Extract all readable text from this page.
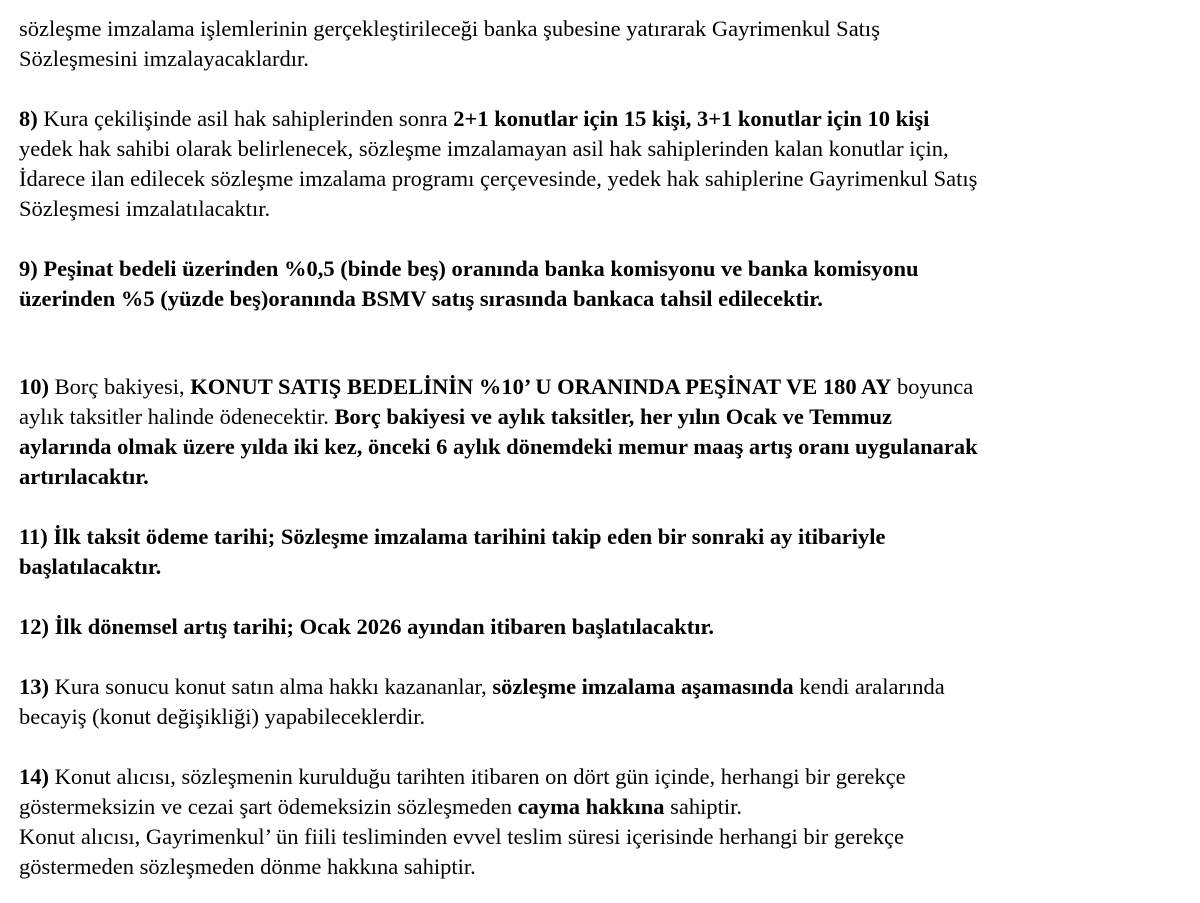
sözleşme imzalama işlemlerinin gerçekleştirileceği banka şubesine yatırarak Gayrimenkul Satış
Sözleşmesini imzalayacaklardır.
8) Kura çekilişinde asil hak sahiplerinden sonra 2+1 konutlar için 15 kişi, 3+1 konutlar için 10 kişi
yedek hak sahibi olarak belirlenecek, sözleşme imzalamayan asil hak sahiplerinden kalan konutlar için,
İdarece ilan edilecek sözleşme imzalama programı çerçevesinde, yedek hak sahiplerine Gayrimenkul Satış
Sözleşmesi imzalatılacaktır.
9) Peşinat bedeli üzerinden %0,5 (binde beş) oranında banka komisyonu ve banka komisyonu
üzerinden %5 (yüzde beş)oranında BSMV satış sırasında bankaca tahsil edilecektir.
10) Borç bakiyesi, KONUT SATIŞ BEDELİNİN %10’ U ORANINDA PEŞİNAT VE 180 AY boyunca
aylık taksitler halinde ödenecektir. Borç bakiyesi ve aylık taksitler, her yılın Ocak ve Temmuz
aylarında olmak üzere yılda iki kez, önceki 6 aylık dönemdeki memur maaş artış oranı uygulanarak
artırılacaktır.
11) İlk taksit ödeme tarihi; Sözleşme imzalama tarihini takip eden bir sonraki ay itibariyle
başlatılacaktır.
12) İlk dönemsel artış tarihi; Ocak 2026 ayından itibaren başlatılacaktır.
13) Kura sonucu konut satın alma hakkı kazananlar, sözleşme imzalama aşamasında kendi aralarında
becayiş (konut değişikliği) yapabileceklerdir.
14) Konut alıcısı, sözleşmenin kurulduğu tarihten itibaren on dört gün içinde, herhangi bir gerekçe
göstermeksizin ve cezai şart ödemeksizin sözleşmeden cayma hakkına sahiptir.
Konut alıcısı, Gayrimenkul’ ün fiili tesliminden evvel teslim süresi içerisinde herhangi bir gerekçe
göstermeden sözleşmeden dönme hakkına sahiptir.
